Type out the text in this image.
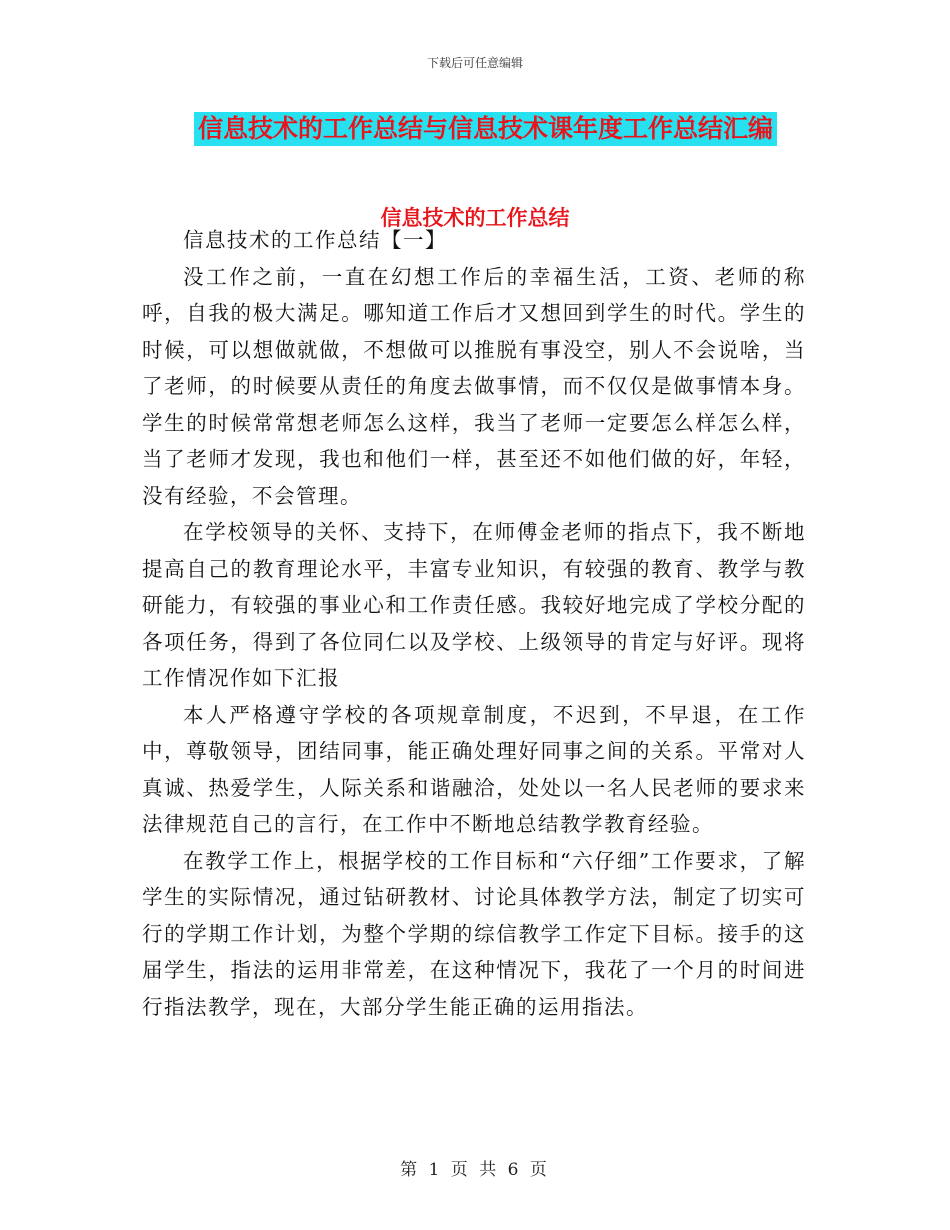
下载后可任意编辑
信息技术的工作总结与信息技术课年度工作总结汇编
信息技术的工作总结

信息技术的工作总结【一】

没工作之前，一直在幻想工作后的幸福生活，工资、老师的称呼，自我的极大满足。哪知道工作后才又想回到学生的时代。学生的时候，可以想做就做，不想做可以推脱有事没空，别人不会说啥，当了老师，的时候要从责任的角度去做事情，而不仅仅是做事情本身。学生的时候常常想老师怎么这样，我当了老师一定要怎么样怎么样，当了老师才发现，我也和他们一样，甚至还不如他们做的好，年轻，没有经验，不会管理。

在学校领导的关怀、支持下，在师傅金老师的指点下，我不断地提高自己的教育理论水平，丰富专业知识，有较强的教育、教学与教研能力，有较强的事业心和工作责任感。我较好地完成了学校分配的各项任务，得到了各位同仁以及学校、上级领导的肯定与好评。现将工作情况作如下汇报

本人严格遵守学校的各项规章制度，不迟到，不早退，在工作中，尊敬领导，团结同事，能正确处理好同事之间的关系。平常对人真诚、热爱学生，人际关系和谐融洽，处处以一名人民老师的要求来法律规范自己的言行，在工作中不断地总结教学教育经验。

在教学工作上，根据学校的工作目标和“六仔细”工作要求，了解学生的实际情况，通过钻研教材、讨论具体教学方法，制定了切实可行的学期工作计划，为整个学期的综信教学工作定下目标。接手的这届学生，指法的运用非常差，在这种情况下，我花了一个月的时间进行指法教学，现在，大部分学生能正确的运用指法。

第 1 页 共 6 页
